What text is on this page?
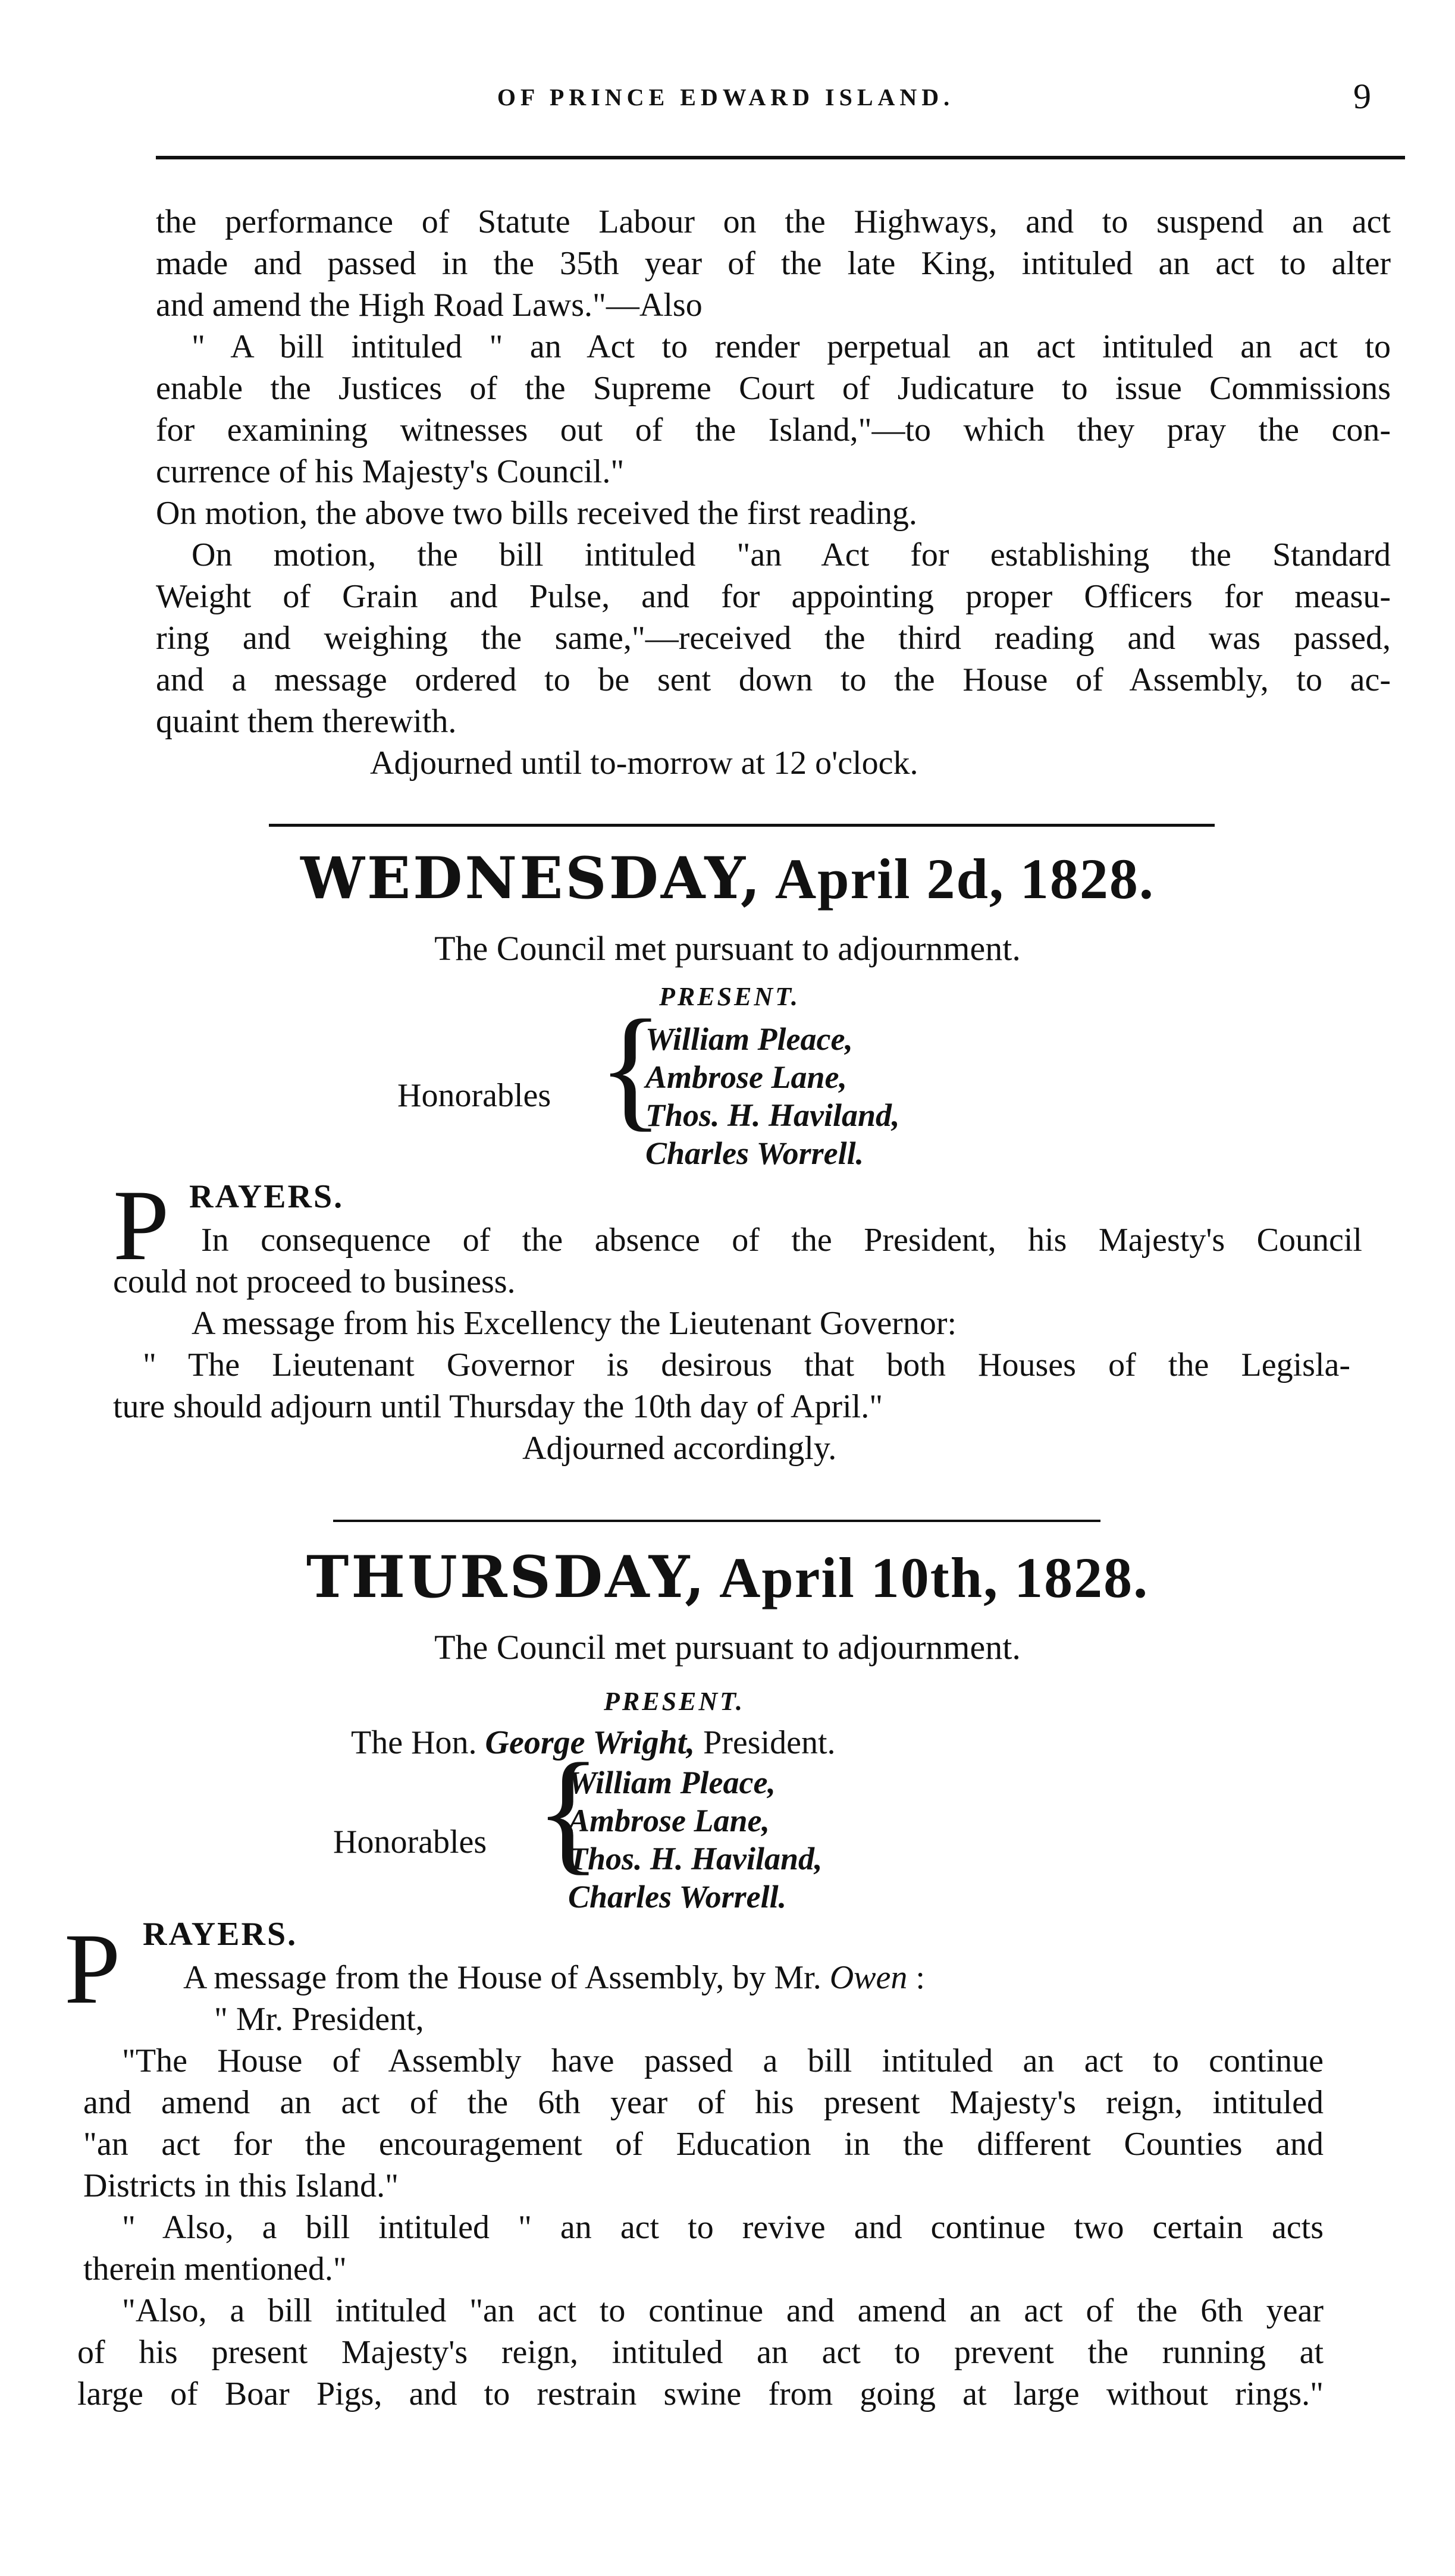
OF PRINCE EDWARD ISLAND.	9
the performance of Statute Labour on the Highways, and to suspend an act
made and passed in the 35th year of the late King, intituled an act to alter
and amend the High Road Laws."—Also
" A bill intituled " an Act to render perpetual an act intituled an act to
enable the Justices of the Supreme Court of Judicature to issue Commissions
for examining witnesses out of the Island,"—to which they pray the con-
currence of his Majesty's Council."
On motion, the above two bills received the first reading.
On motion, the bill intituled "an Act for establishing the Standard
Weight of Grain and Pulse, and for appointing proper Officers for measu-
ring and weighing the same,"—received the third reading and was passed,
and a message ordered to be sent down to the House of Assembly, to ac-
quaint them therewith.
Adjourned until to-morrow at 12 o'clock.
WEDNESDAY, April 2d, 1828.
The Council met pursuant to adjournment.
PRESENT.
Honorables {
William Pleace,
Ambrose Lane,
Thos. H. Haviland,
Charles Worrell.
P RAYERS.
In consequence of the absence of the President, his Majesty's Council
could not proceed to business.
A message from his Excellency the Lieutenant Governor:
" The Lieutenant Governor is desirous that both Houses of the Legisla-
ture should adjourn until Thursday the 10th day of April."
Adjourned accordingly.
THURSDAY, April 10th, 1828.
The Council met pursuant to adjournment.
PRESENT.
The Hon. George Wright, President.
Honorables {
William Pleace,
Ambrose Lane,
Thos. H. Haviland,
Charles Worrell.
P RAYERS.
A message from the House of Assembly, by Mr. Owen :
" Mr. President,
"The House of Assembly have passed a bill intituled an act to continue
and amend an act of the 6th year of his present Majesty's reign, intituled
"an act for the encouragement of Education in the different Counties and
Districts in this Island."
" Also, a bill intituled " an act to revive and continue two certain acts
therein mentioned."
"Also, a bill intituled "an act to continue and amend an act of the 6th year
of his present Majesty's reign, intituled an act to prevent the running at
large of Boar Pigs, and to restrain swine from going at large without rings."
